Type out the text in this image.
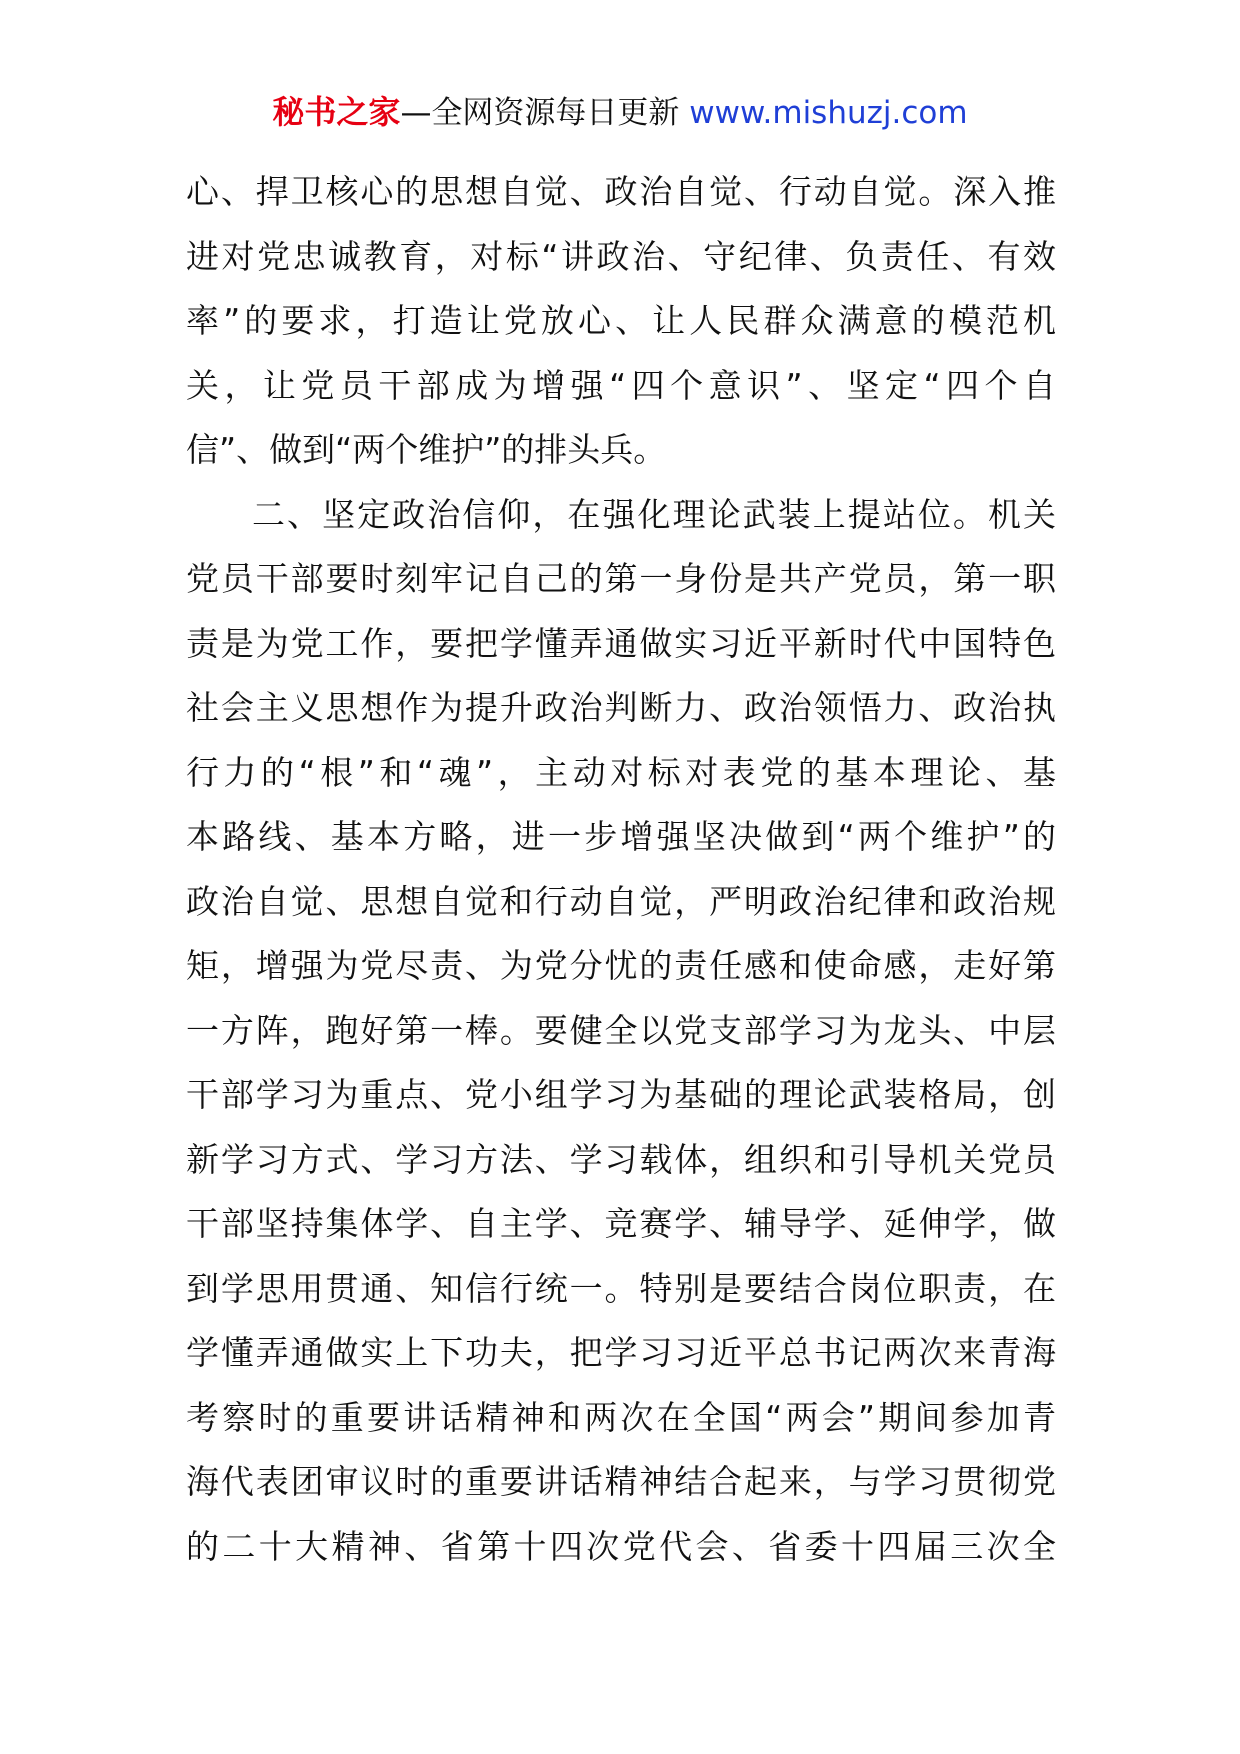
秘书之家—全网资源每日更新 www.mishuzj.com
心、捍卫核心的思想自觉、政治自觉、行动自觉。深入推
进对党忠诚教育，对标“讲政治、守纪律、负责任、有效
率”的要求，打造让党放心、让人民群众满意的模范机
关，让党员干部成为增强“四个意识”、坚定“四个自
信”、做到“两个维护”的排头兵。
二、坚定政治信仰，在强化理论武装上提站位。机关
党员干部要时刻牢记自己的第一身份是共产党员，第一职
责是为党工作，要把学懂弄通做实习近平新时代中国特色
社会主义思想作为提升政治判断力、政治领悟力、政治执
行力的“根”和“魂”，主动对标对表党的基本理论、基
本路线、基本方略，进一步增强坚决做到“两个维护”的
政治自觉、思想自觉和行动自觉，严明政治纪律和政治规
矩，增强为党尽责、为党分忧的责任感和使命感，走好第
一方阵，跑好第一棒。要健全以党支部学习为龙头、中层
干部学习为重点、党小组学习为基础的理论武装格局，创
新学习方式、学习方法、学习载体，组织和引导机关党员
干部坚持集体学、自主学、竞赛学、辅导学、延伸学，做
到学思用贯通、知信行统一。特别是要结合岗位职责，在
学懂弄通做实上下功夫，把学习习近平总书记两次来青海
考察时的重要讲话精神和两次在全国“两会”期间参加青
海代表团审议时的重要讲话精神结合起来，与学习贯彻党
的二十大精神、省第十四次党代会、省委十四届三次全
